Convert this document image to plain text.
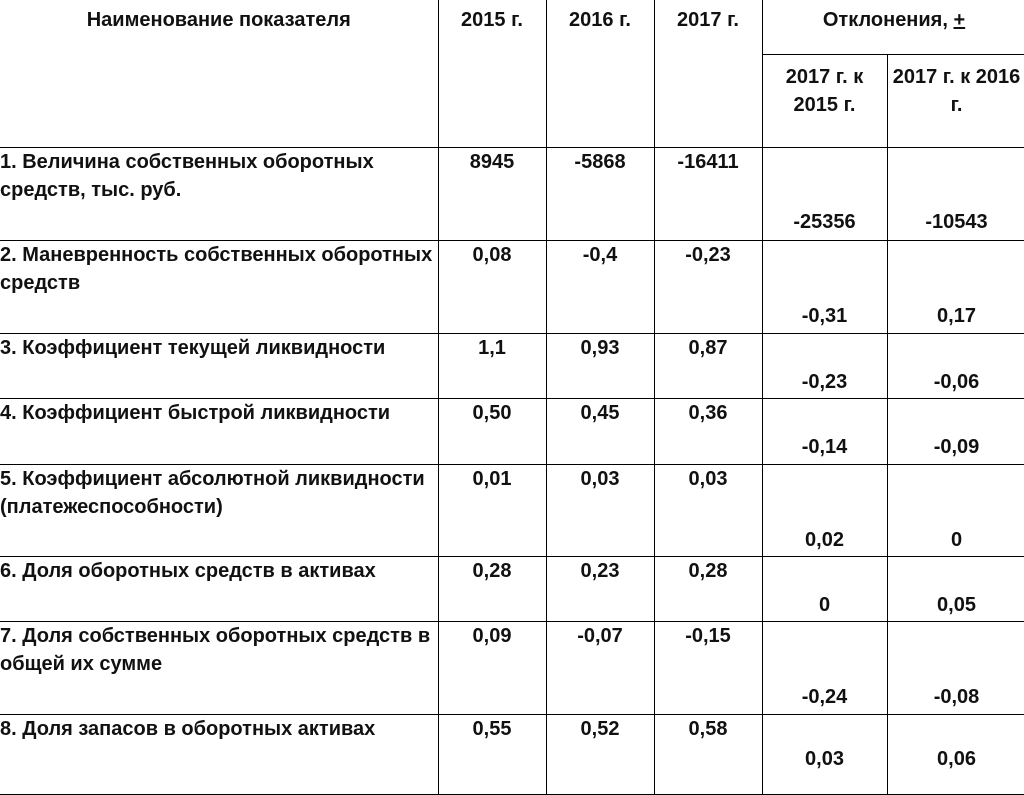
Наименование показателя	2015 г.	2016 г.	2017 г.	Отклонения, +	

				2017 г. к 2015 г.	2017 г. к 2016 г.

1. Величина собственных оборотных средств, тыс. руб.	8945	-5868	-16411	-25356	-10543
2. Маневренность собственных оборотных средств	0,08	-0,4	-0,23	-0,31	0,17
3. Коэффициент текущей ликвидности	1,1	0,93	0,87	-0,23	-0,06
4. Коэффициент быстрой ликвидности	0,50	0,45	0,36	-0,14	-0,09
5. Коэффициент абсолютной ликвидности (платежеспособности)	0,01	0,03	0,03	0,02	0
6. Доля оборотных средств в активах	0,28	0,23	0,28	0	0,05
7. Доля собственных оборотных средств в общей их сумме	0,09	-0,07	-0,15	-0,24	-0,08
8. Доля запасов в оборотных активах	0,55	0,52	0,58	0,03	0,06
